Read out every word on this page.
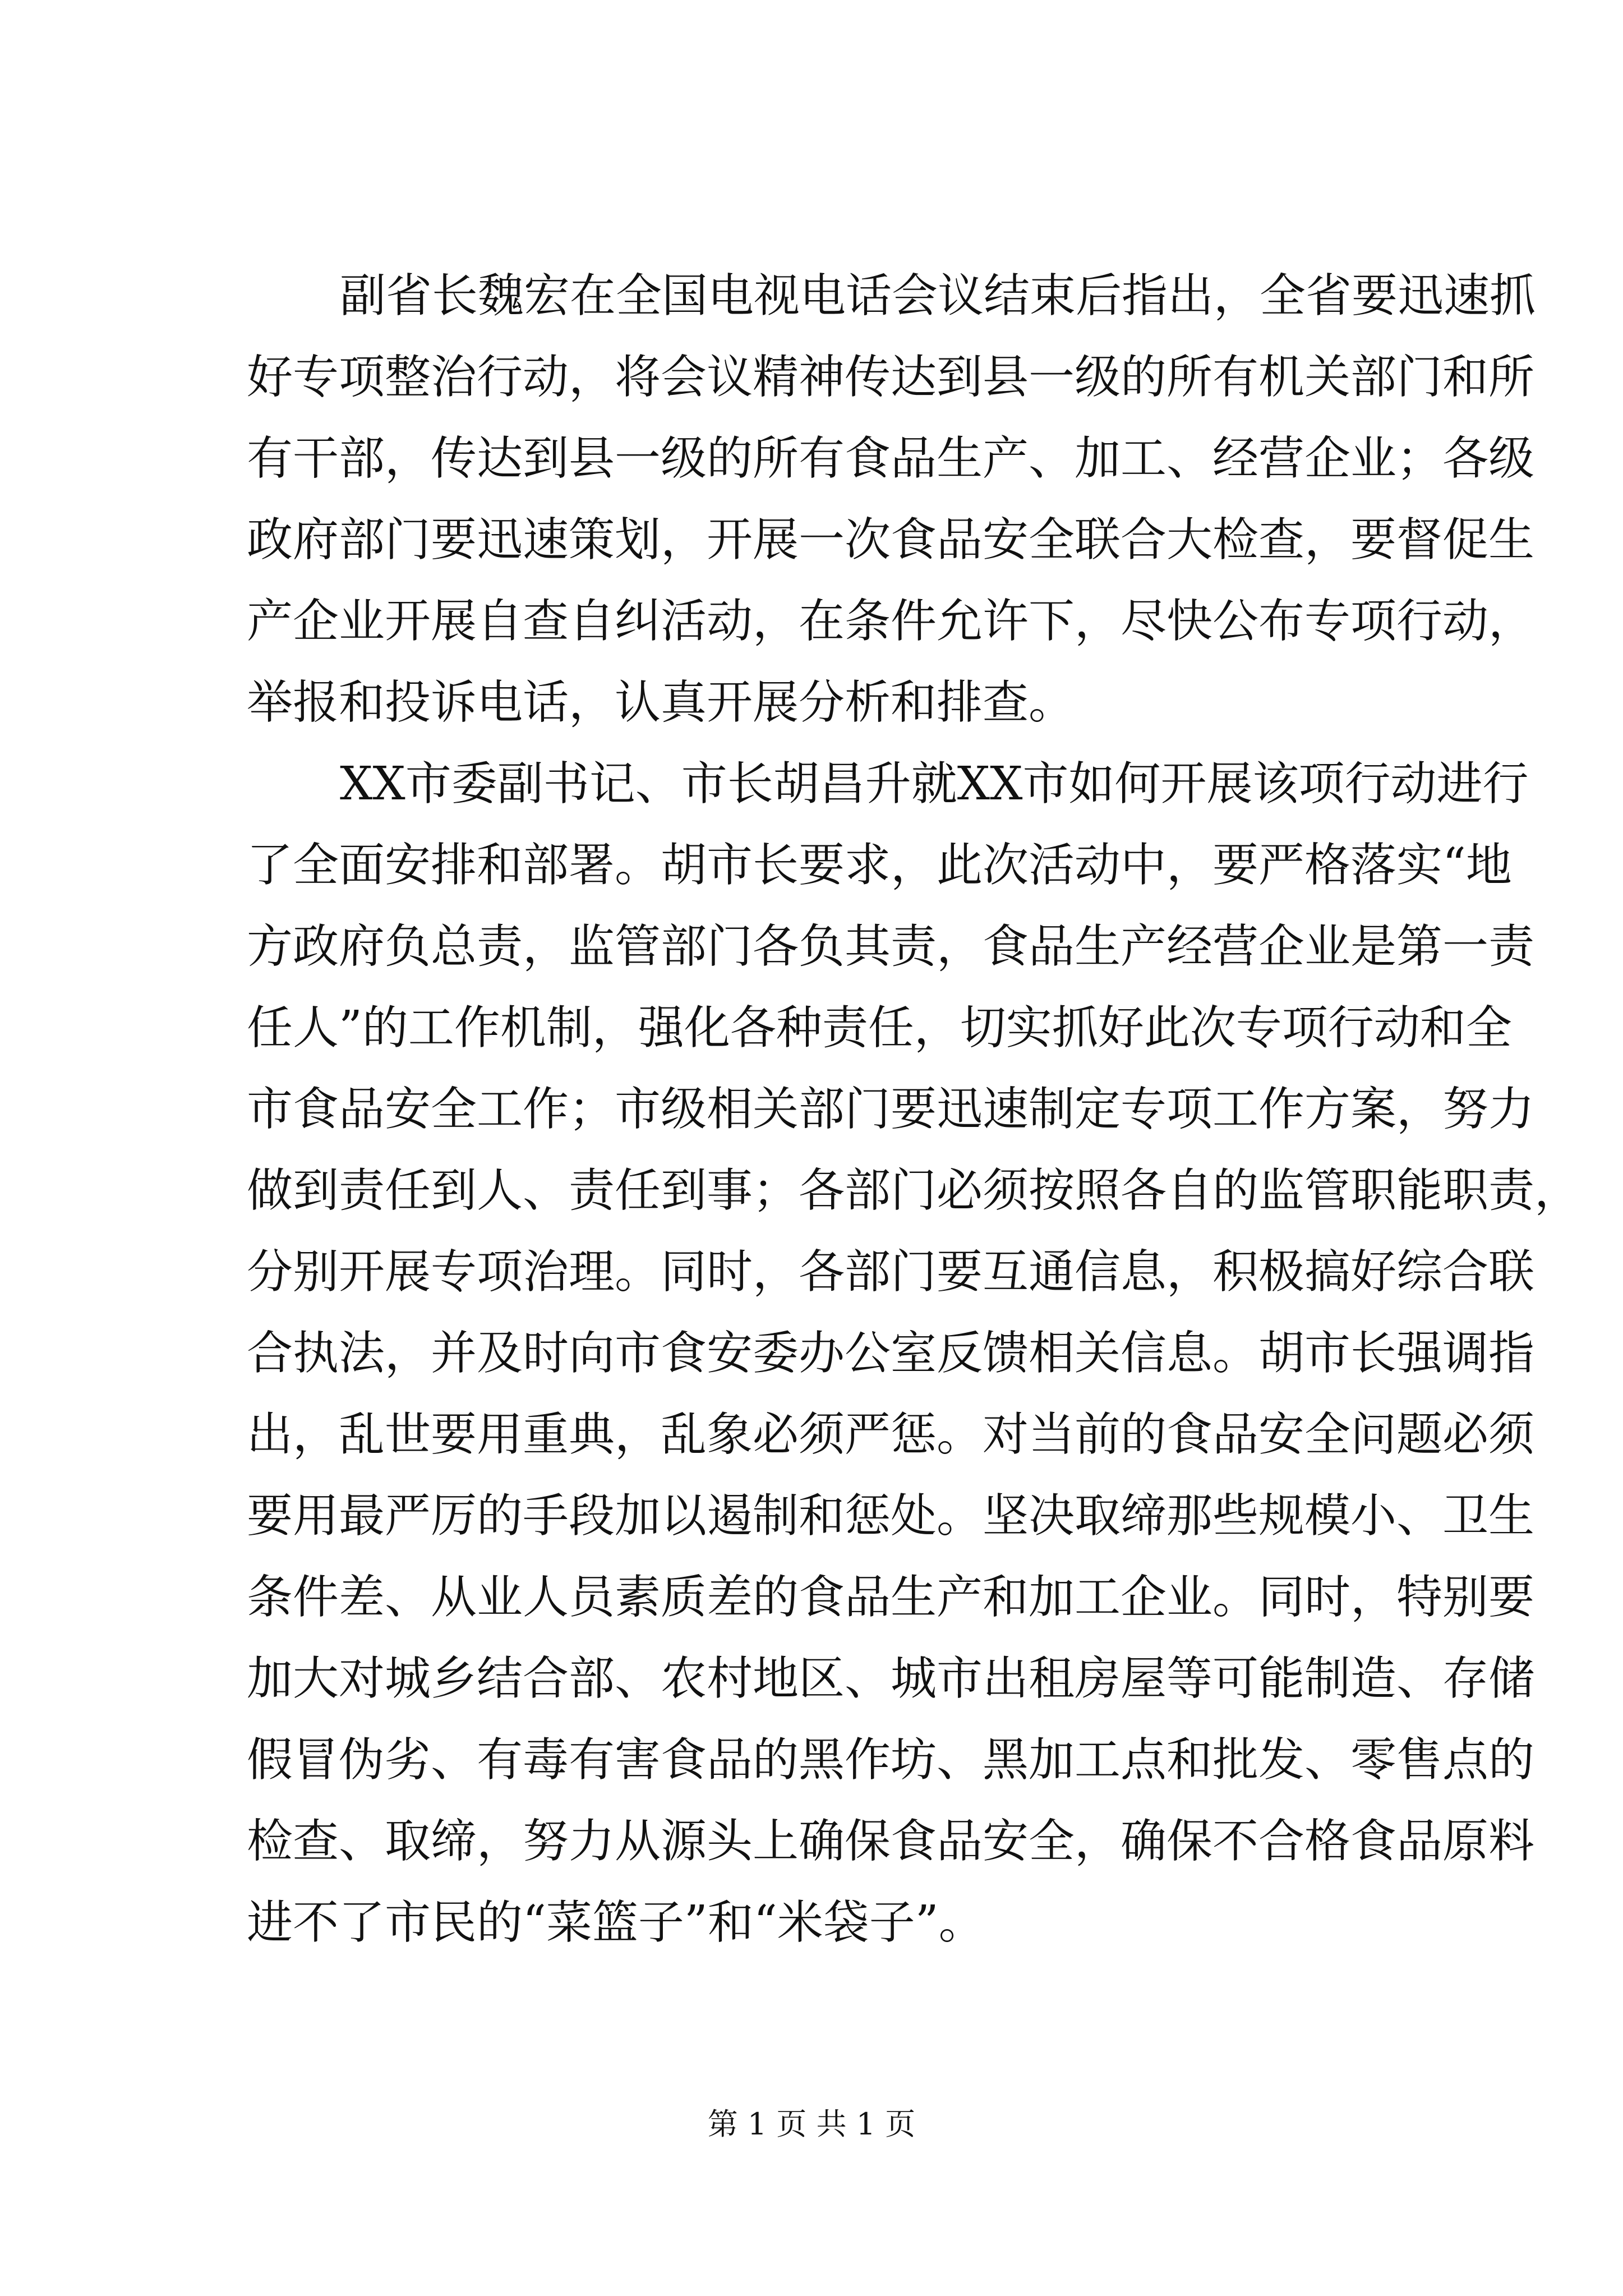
副省长魏宏在全国电视电话会议结束后指出，全省要迅速抓
好专项整治行动，将会议精神传达到县一级的所有机关部门和所
有干部，传达到县一级的所有食品生产、加工、经营企业；各级
政府部门要迅速策划，开展一次食品安全联合大检查，要督促生
产企业开展自查自纠活动，在条件允许下，尽快公布专项行动，
举报和投诉电话，认真开展分析和排查。
XX市委副书记、市长胡昌升就XX市如何开展该项行动进行
了全面安排和部署。胡市长要求，此次活动中，要严格落实“地
方政府负总责，监管部门各负其责，食品生产经营企业是第一责
任人”的工作机制，强化各种责任，切实抓好此次专项行动和全
市食品安全工作；市级相关部门要迅速制定专项工作方案，努力
做到责任到人、责任到事；各部门必须按照各自的监管职能职责，
分别开展专项治理。同时，各部门要互通信息，积极搞好综合联
合执法，并及时向市食安委办公室反馈相关信息。胡市长强调指
出，乱世要用重典，乱象必须严惩。对当前的食品安全问题必须
要用最严厉的手段加以遏制和惩处。坚决取缔那些规模小、卫生
条件差、从业人员素质差的食品生产和加工企业。同时，特别要
加大对城乡结合部、农村地区、城市出租房屋等可能制造、存储
假冒伪劣、有毒有害食品的黑作坊、黑加工点和批发、零售点的
检查、取缔，努力从源头上确保食品安全，确保不合格食品原料
进不了市民的“菜篮子”和“米袋子”。
第 1 页 共 1 页
